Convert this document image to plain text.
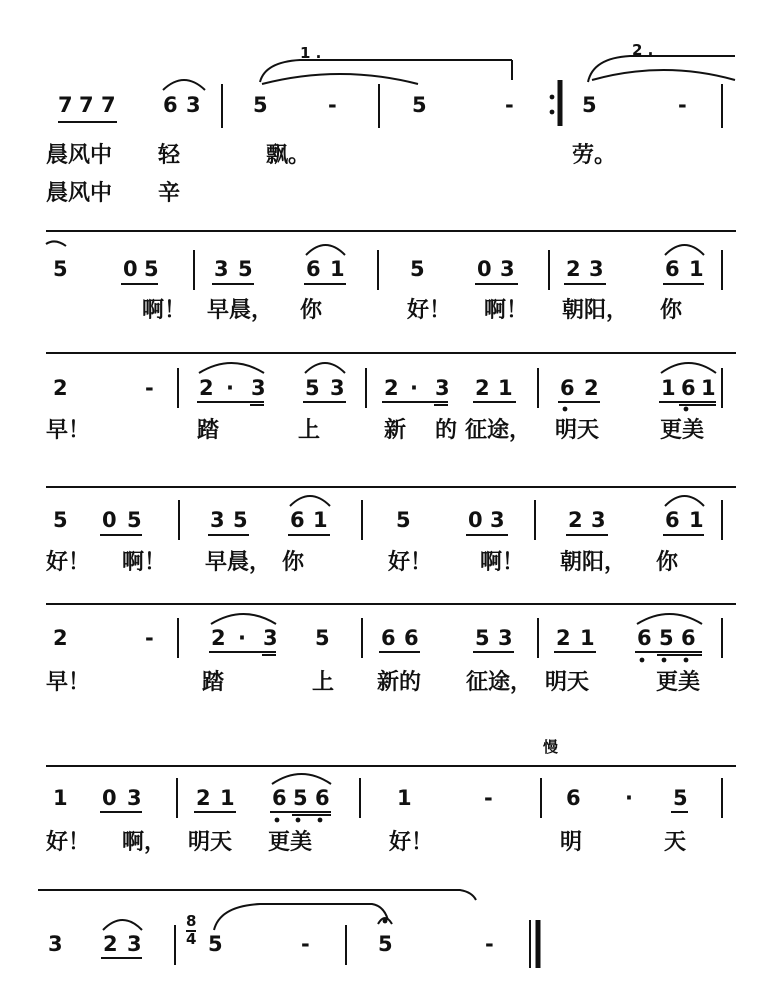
7 7 7 6 3 5	-	5	-	5	-
晨风中 轻	飘。	劳。
晨风中 辛
1 .	2 .
5	0 5	3 5	6 1	5 0 3 2 3	6 1
啊！ 早晨， 你	好！ 啊！ 朝阳， 你
2	- 2 · 3 5 3 2 · 3 2 1 6 2	1 6 1
早！	踏	上	新 的 征途， 明天	更美
5 0 5	3 5 6 1	5	0 3	2 3	6 1
好！ 啊！ 早晨， 你	好！ 啊！ 朝阳， 你
2	-	2 · 3 5 6 6	5 3 2 1 6 5 6
早！	踏	上 新的 征途， 明天	更美
慢
1 0 3	2 1 6 5 6	1	-	6 · 5
好！ 啊， 明天 更美	好！	明	天
3 2 3	5	-	5	-
8
4
